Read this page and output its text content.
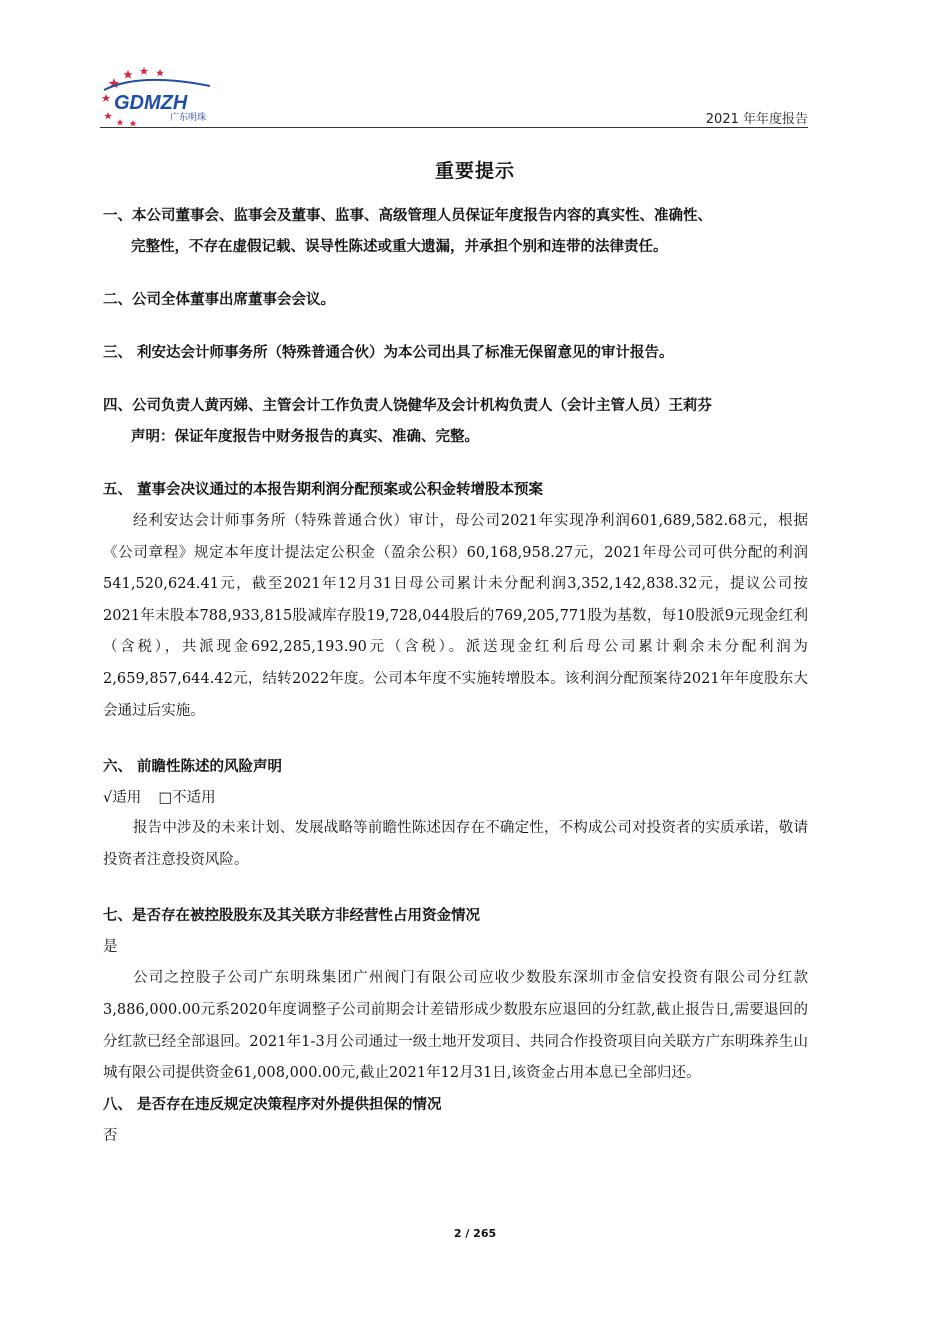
GDMZH
广东明珠	2021 年年度报告
重要提示
一、本公司董事会、监事会及董事、监事、高级管理人员保证年度报告内容的真实性、准确性、
完整性，不存在虚假记载、误导性陈述或重大遗漏，并承担个别和连带的法律责任。
二、公司全体董事出席董事会会议。
三、 利安达会计师事务所（特殊普通合伙）为本公司出具了标准无保留意见的审计报告。
四、公司负责人黄丙娣、主管会计工作负责人饶健华及会计机构负责人（会计主管人员）王莉芬
声明：保证年度报告中财务报告的真实、准确、完整。
五、 董事会决议通过的本报告期利润分配预案或公积金转增股本预案
经利安达会计师事务所（特殊普通合伙）审计，母公司2021年实现净利润601,689,582.68元，根据《公司章程》规定本年度计提法定公积金（盈余公积）60,168,958.27元，2021年母公司可供分配的利润541,520,624.41元，截至2021年12月31日母公司累计未分配利润3,352,142,838.32元，提议公司按2021年末股本788,933,815股减库存股19,728,044股后的769,205,771股为基数，每10股派9元现金红利（含税），共派现金692,285,193.90元（含税）。派送现金红利后母公司累计剩余未分配利润为2,659,857,644.42元，结转2022年度。公司本年度不实施转增股本。该利润分配预案待2021年年度股东大会通过后实施。
六、 前瞻性陈述的风险声明
√适用 □不适用
报告中涉及的未来计划、发展战略等前瞻性陈述因存在不确定性，不构成公司对投资者的实质承诺，敬请投资者注意投资风险。
七、是否存在被控股股东及其关联方非经营性占用资金情况
是
公司之控股子公司广东明珠集团广州阀门有限公司应收少数股东深圳市金信安投资有限公司分红款3,886,000.00元系2020年度调整子公司前期会计差错形成少数股东应退回的分红款,截止报告日,需要退回的分红款已经全部退回。2021年1-3月公司通过一级土地开发项目、共同合作投资项目向关联方广东明珠养生山城有限公司提供资金61,008,000.00元,截止2021年12月31日,该资金占用本息已全部归还。
八、 是否存在违反规定决策程序对外提供担保的情况
否
2 / 265
